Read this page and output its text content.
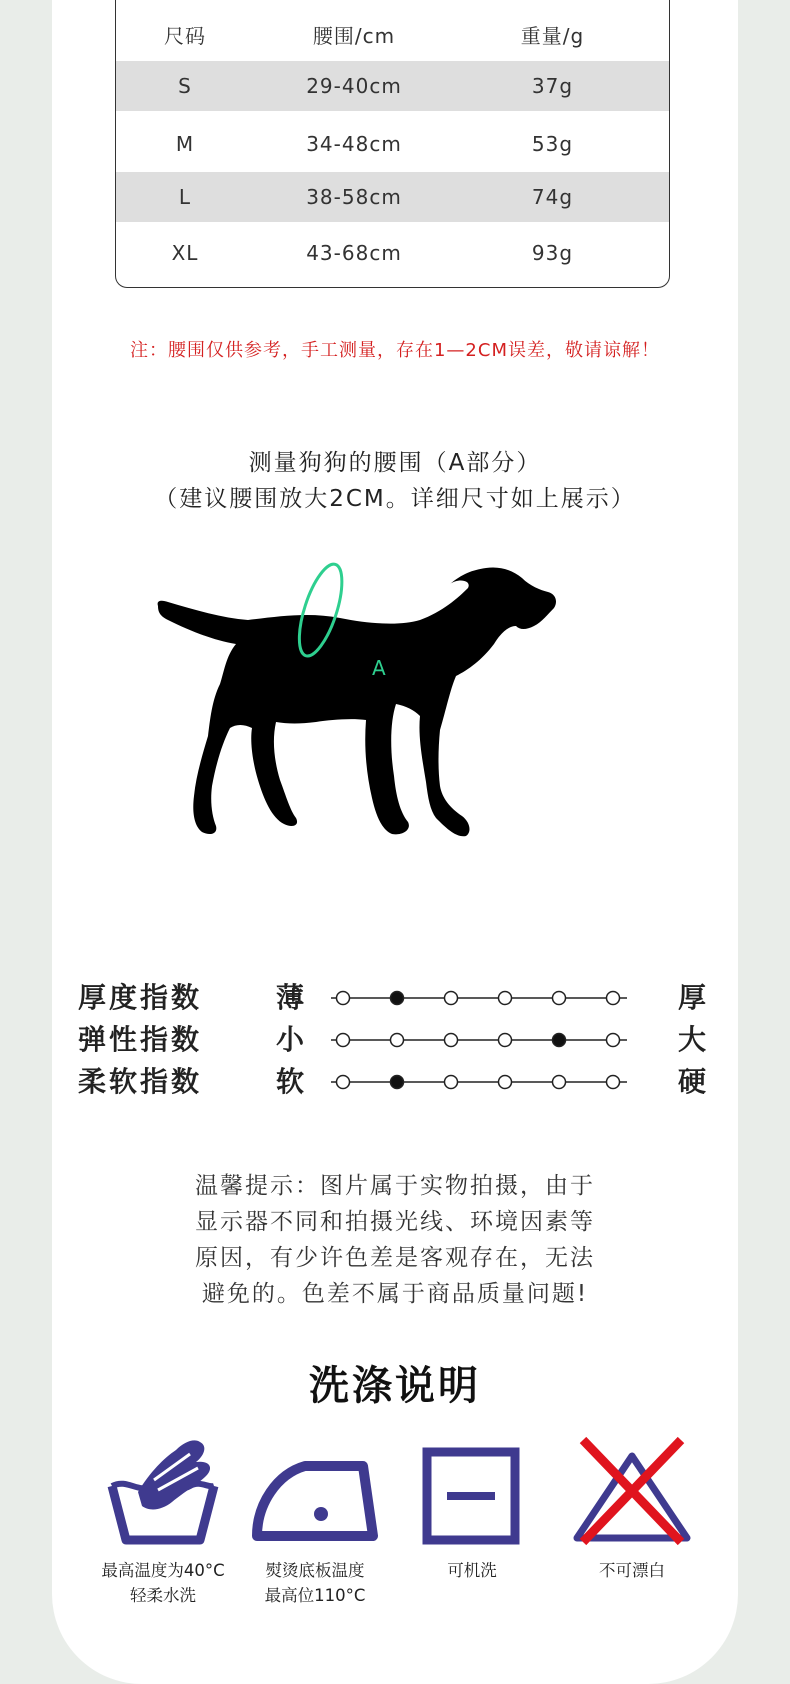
尺码	腰围/cm	重量/g
S	29-40cm	37g
M	34-48cm	53g
L	38-58cm	74g
XL	43-68cm	93g
注：腰围仅供参考，手工测量，存在1—2CM误差，敬请谅解！
测量狗狗的腰围（A部分）
（建议腰围放大2CM。详细尺寸如上展示）
A
厚度指数	薄	厚
弹性指数	小	大
柔软指数	软	硬
温馨提示：图片属于实物拍摄，由于
显示器不同和拍摄光线、环境因素等
原因，有少许色差是客观存在，无法
避免的。色差不属于商品质量问题!
洗涤说明
最高温度为40°C
轻柔水洗
熨烫底板温度
最高位110°C
可机洗	不可漂白
